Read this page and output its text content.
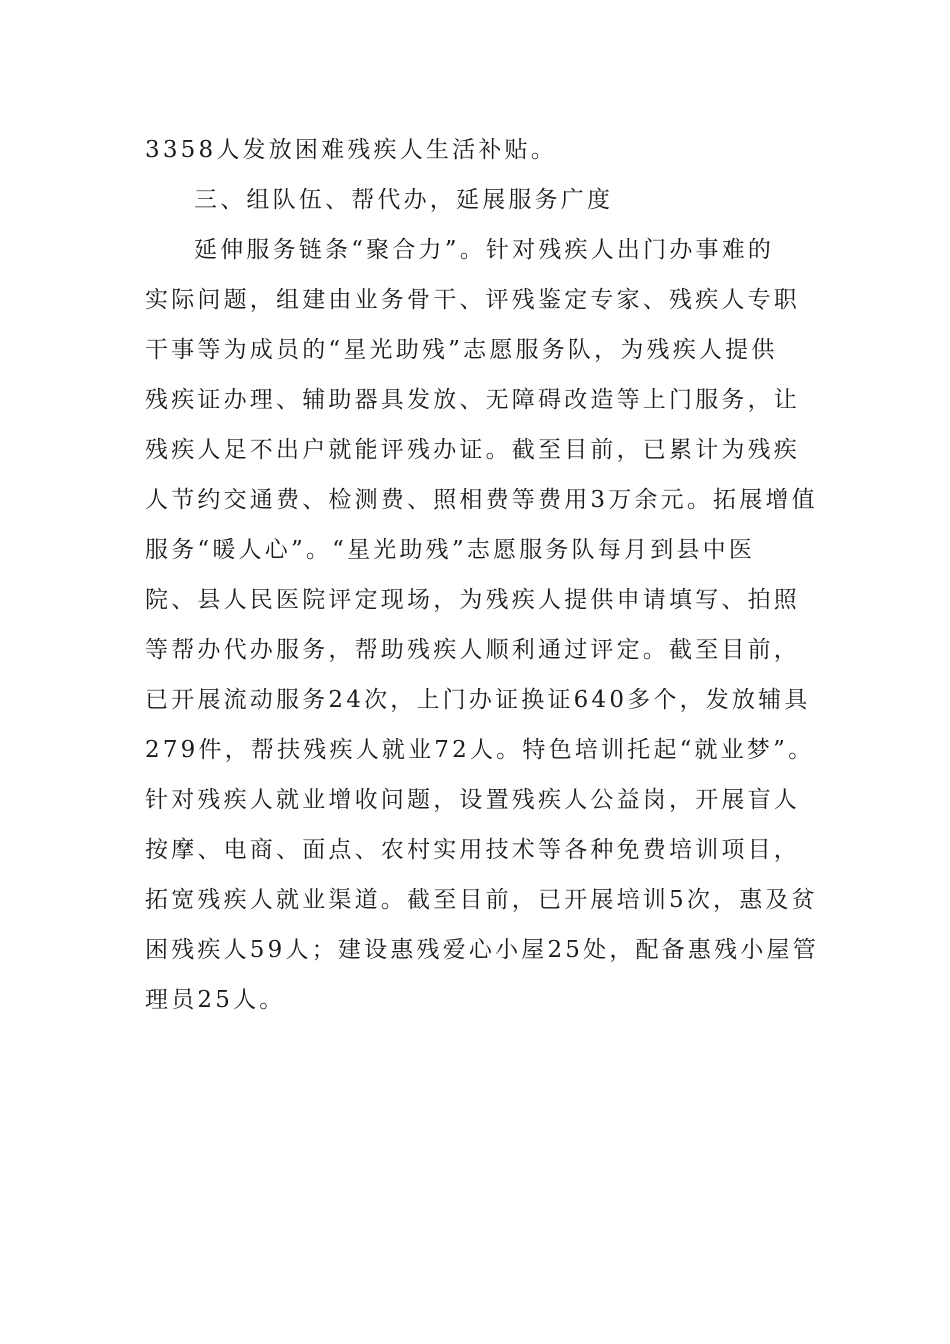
3358人发放困难残疾人生活补贴。

三、组队伍、帮代办，延展服务广度

延伸服务链条“聚合力”。针对残疾人出门办事难的

实际问题，组建由业务骨干、评残鉴定专家、残疾人专职

干事等为成员的“星光助残”志愿服务队，为残疾人提供

残疾证办理、辅助器具发放、无障碍改造等上门服务，让

残疾人足不出户就能评残办证。截至目前，已累计为残疾

人节约交通费、检测费、照相费等费用3万余元。拓展增值

服务“暖人心”。“星光助残”志愿服务队每月到县中医

院、县人民医院评定现场，为残疾人提供申请填写、拍照

等帮办代办服务，帮助残疾人顺利通过评定。截至目前，

已开展流动服务24次，上门办证换证640多个，发放辅具

279件，帮扶残疾人就业72人。特色培训托起“就业梦”。

针对残疾人就业增收问题，设置残疾人公益岗，开展盲人

按摩、电商、面点、农村实用技术等各种免费培训项目，

拓宽残疾人就业渠道。截至目前，已开展培训5次，惠及贫

困残疾人59人；建设惠残爱心小屋25处，配备惠残小屋管

理员25人。
